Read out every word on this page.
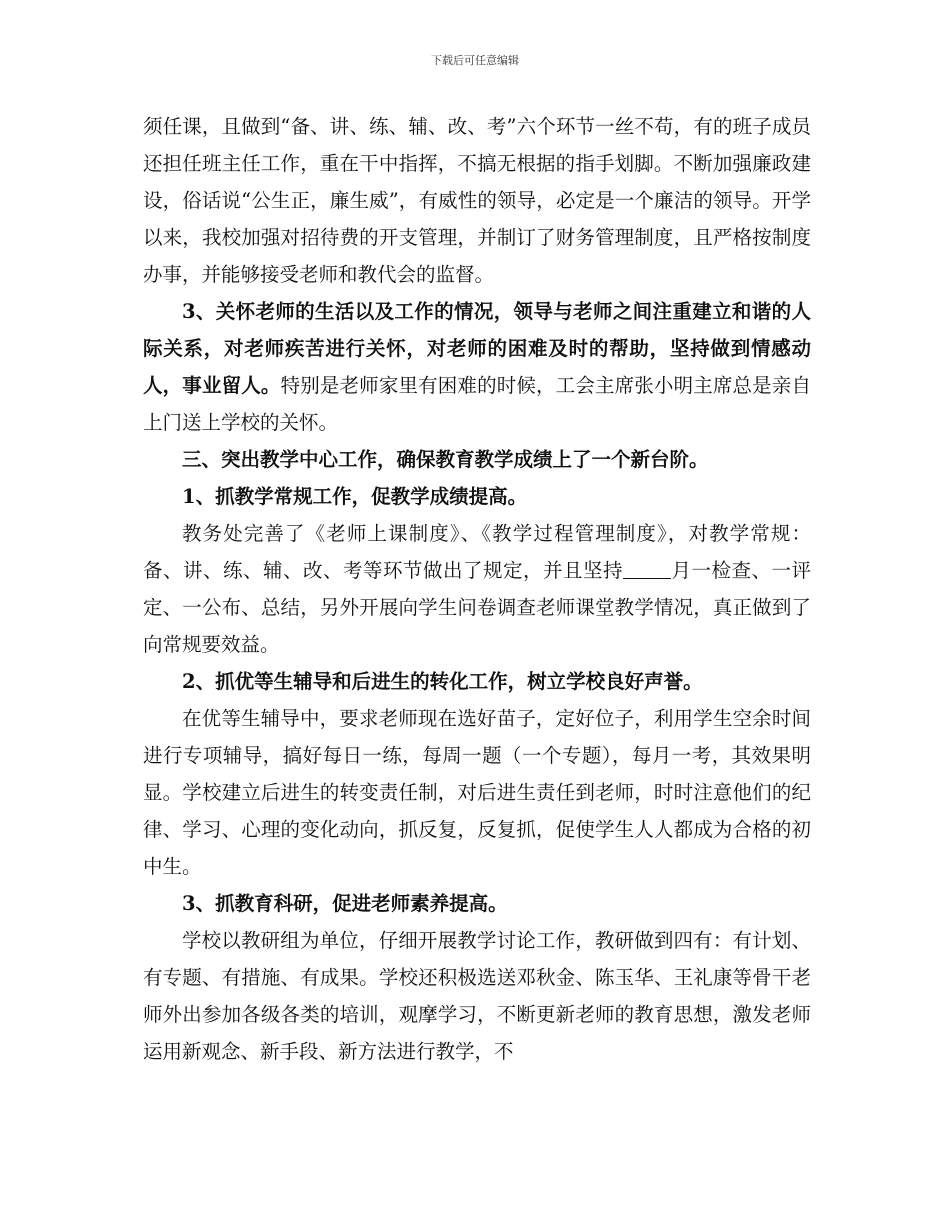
下载后可任意编辑

须任课，且做到“备、讲、练、辅、改、考”六个环节一丝不苟，有的班子成员还担任班主任工作，重在干中指挥，不搞无根据的指手划脚。不断加强廉政建设，俗话说“公生正，廉生威”，有威性的领导，必定是一个廉洁的领导。开学以来，我校加强对招待费的开支管理，并制订了财务管理制度，且严格按制度办事，并能够接受老师和教代会的监督。

3、关怀老师的生活以及工作的情况，领导与老师之间注重建立和谐的人际关系，对老师疾苦进行关怀，对老师的困难及时的帮助，坚持做到情感动人，事业留人。特别是老师家里有困难的时候，工会主席张小明主席总是亲自上门送上学校的关怀。

三、突出教学中心工作，确保教育教学成绩上了一个新台阶。

1、抓教学常规工作，促教学成绩提高。

教务处完善了《老师上课制度》、《教学过程管理制度》，对教学常规：备、讲、练、辅、改、考等环节做出了规定，并且坚持 月一检查、一评定、一公布、总结，另外开展向学生问卷调查老师课堂教学情况，真正做到了向常规要效益。

2、抓优等生辅导和后进生的转化工作，树立学校良好声誉。

在优等生辅导中，要求老师现在选好苗子，定好位子，利用学生空余时间进行专项辅导，搞好每日一练，每周一题（一个专题），每月一考，其效果明显。学校建立后进生的转变责任制，对后进生责任到老师，时时注意他们的纪律、学习、心理的变化动向，抓反复，反复抓，促使学生人人都成为合格的初中生。

3、抓教育科研，促进老师素养提高。

学校以教研组为单位，仔细开展教学讨论工作，教研做到四有：有计划、有专题、有措施、有成果。学校还积极选送邓秋金、陈玉华、王礼康等骨干老师外出参加各级各类的培训，观摩学习，不断更新老师的教育思想，激发老师运用新观念、新手段、新方法进行教学，不
